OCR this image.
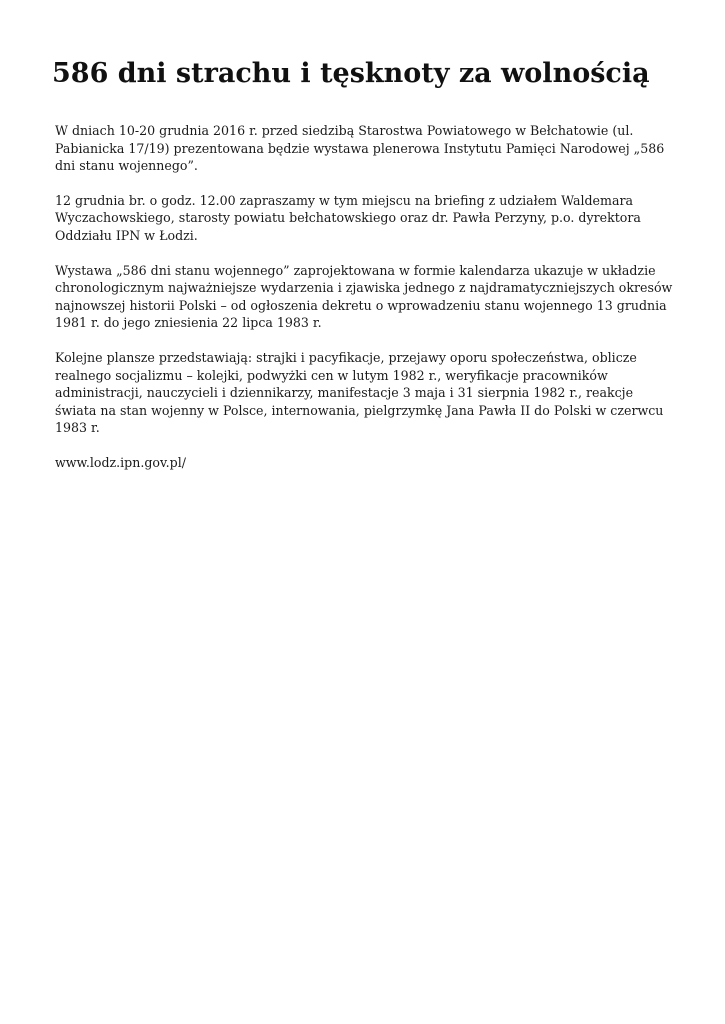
586 dni strachu i tęsknoty za wolnością

W dniach 10-20 grudnia 2016 r. przed siedzibą Starostwa Powiatowego w Bełchatowie (ul. Pabianicka 17/19) prezentowana będzie wystawa plenerowa Instytutu Pamięci Narodowej „586 dni stanu wojennego”.

12 grudnia br. o godz. 12.00 zapraszamy w tym miejscu na briefing z udziałem Waldemara Wyczachowskiego, starosty powiatu bełchatowskiego oraz dr. Pawła Perzyny, p.o. dyrektora Oddziału IPN w Łodzi.

Wystawa „586 dni stanu wojennego” zaprojektowana w formie kalendarza ukazuje w układzie chronologicznym najważniejsze wydarzenia i zjawiska jednego z najdramatyczniejszych okresów najnowszej historii Polski – od ogłoszenia dekretu o wprowadzeniu stanu wojennego 13 grudnia 1981 r. do jego zniesienia 22 lipca 1983 r.

Kolejne plansze przedstawiają: strajki i pacyfikacje, przejawy oporu społeczeństwa, oblicze realnego socjalizmu – kolejki, podwyżki cen w lutym 1982 r., weryfikacje pracowników administracji, nauczycieli i dziennikarzy, manifestacje 3 maja i 31 sierpnia 1982 r., reakcje świata na stan wojenny w Polsce, internowania, pielgrzymkę Jana Pawła II do Polski w czerwcu 1983 r.

www.lodz.ipn.gov.pl/
